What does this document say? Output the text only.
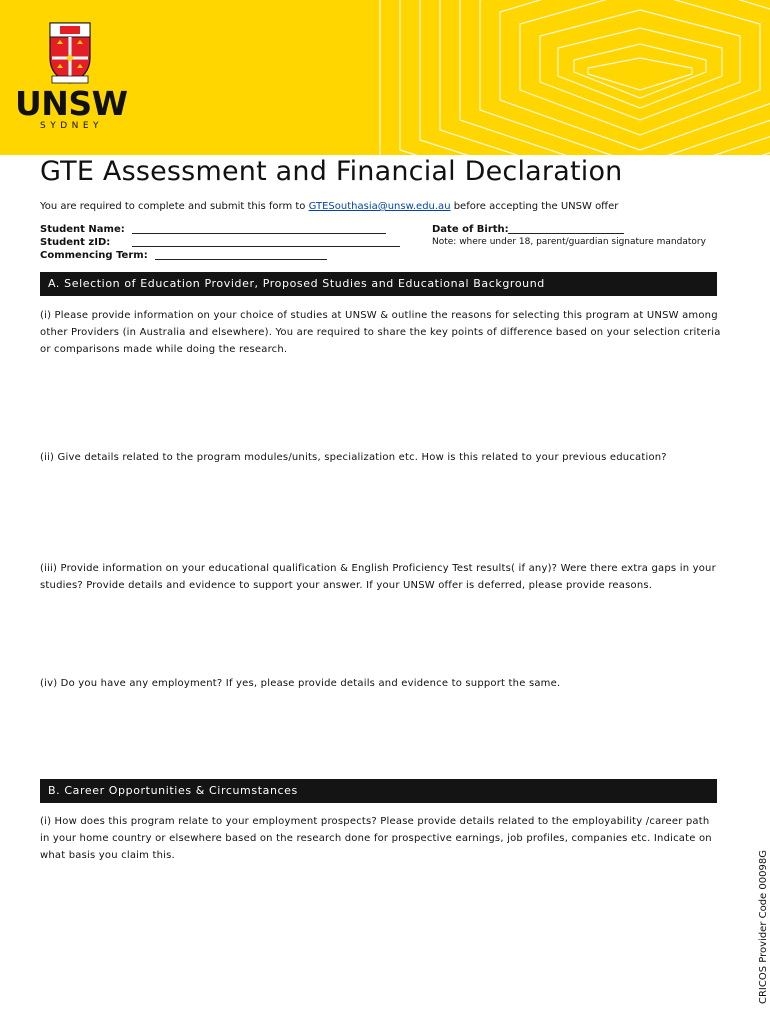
UNSW
SYDNEY
GTE Assessment and Financial Declaration
You are required to complete and submit this form to GTESouthasia@unsw.edu.au before accepting the UNSW offer
Student Name:
Student zID:
Commencing Term:
Date of Birth:
Note: where under 18, parent/guardian signature mandatory
A. Selection of Education Provider, Proposed Studies and Educational Background
(i) Please provide information on your choice of studies at UNSW & outline the reasons for selecting this program at UNSW among other Providers (in Australia and elsewhere). You are required to share the key points of difference based on your selection criteria or comparisons made while doing the research.
(ii) Give details related to the program modules/units, specialization etc. How is this related to your previous education?
(iii) Provide information on your educational qualification & English Proficiency Test results( if any)? Were there extra gaps in your studies? Provide details and evidence to support your answer. If your UNSW offer is deferred, please provide reasons.
(iv) Do you have any employment? If yes, please provide details and evidence to support the same.
B. Career Opportunities & Circumstances
(i) How does this program relate to your employment prospects? Please provide details related to the employability /career path in your home country or elsewhere based on the research done for prospective earnings, job profiles, companies etc. Indicate on what basis you claim this.	CRICOS Provider Code 00098G
